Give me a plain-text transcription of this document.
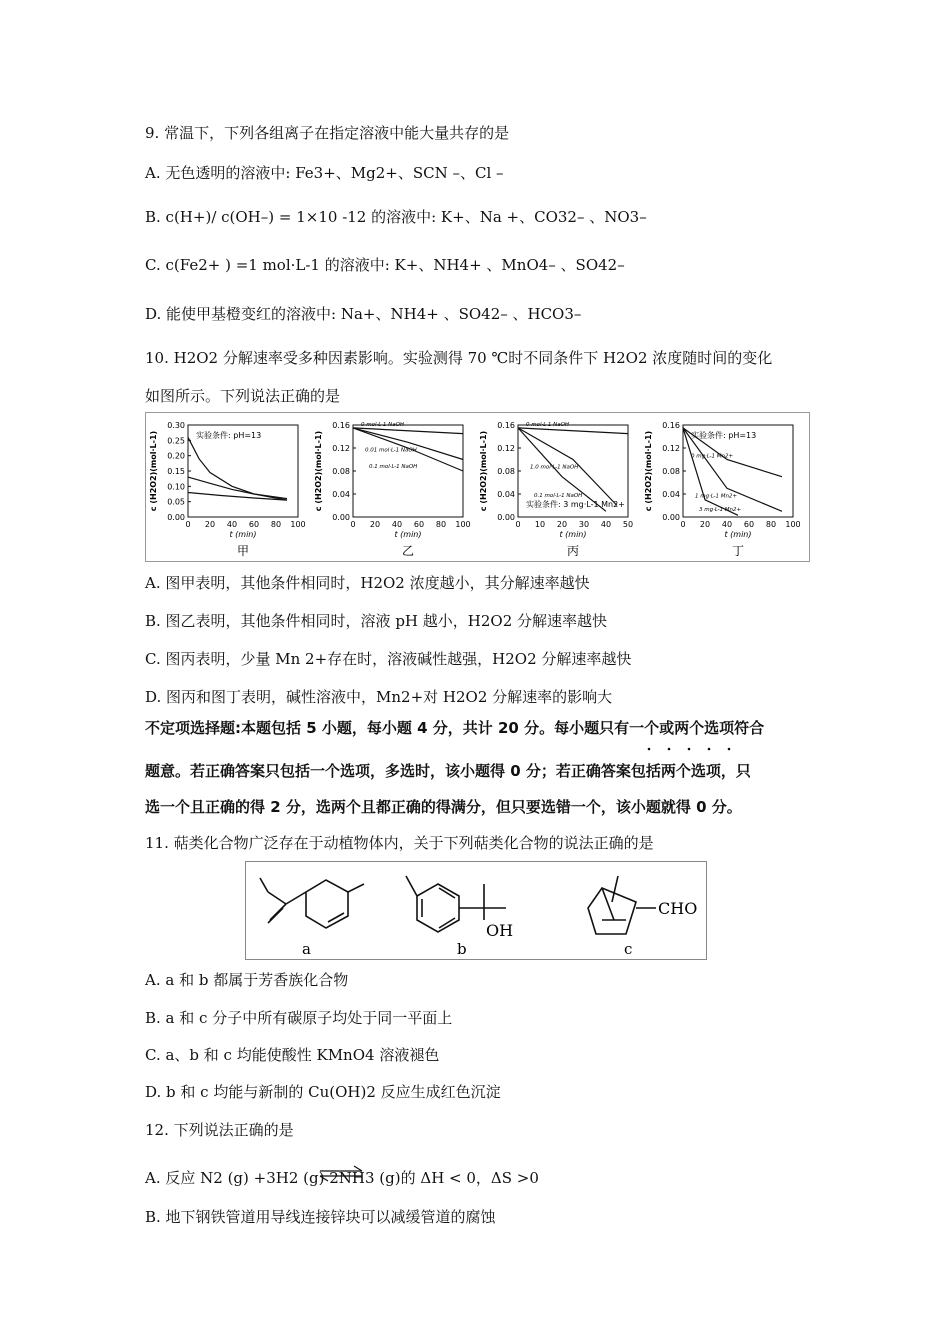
9. 常温下，下列各组离子在指定溶液中能大量共存的是
A. 无色透明的溶液中: Fe3+、Mg2+、SCN –、Cl –
B. c(H+)/ c(OH–) = 1×10 -12 的溶液中: K+、Na +、CO32– 、NO3–
C. c(Fe2+ ) =1 mol·L-1 的溶液中: K+、NH4+ 、MnO4– 、SO42–
D. 能使甲基橙变红的溶液中: Na+、NH4+ 、SO42– 、HCO3–
10. H2O2 分解速率受多种因素影响。实验测得 70 ℃时不同条件下 H2O2 浓度随时间的变化
如图所示。下列说法正确的是
0.00
0.05
0.10
0.15
0.20
0.25
0.30
0 20 40 60 80 100
t (min)
c (H2O2)(mol·L-1)	实验条件: pH=13
甲
0.00
0.04
0.08
0.12
0.16
0 20 40 60 80 100
t (min)
c (H2O2)(mol·L-1)
0 mol·L-1 NaOH
0.01 mol·L-1 NaOH
0.1 mol·L-1 NaOH
乙
0.00
0.04
0.08
0.12
0.16
0 10 20 30 40 50
t (min)
c (H2O2)(mol·L-1)
0 mol·L-1 NaOH
1.0 mol·L-1 NaOH
0.1 mol·L-1 NaOH
实验条件: 3 mg·L-1 Mn2+
丙
0.00
0.04
0.08
0.12
0.16
0 20 40 60 80 100
t (min)
c (H2O2)(mol·L-1)	0 mg·L-1 Mn2+
1 mg·L-1 Mn2+
3 mg·L-1 Mn2+
实验条件: pH=13
丁
A. 图甲表明，其他条件相同时，H2O2 浓度越小，其分解速率越快
B. 图乙表明，其他条件相同时，溶液 pH 越小，H2O2 分解速率越快
C. 图丙表明，少量 Mn 2+存在时，溶液碱性越强，H2O2 分解速率越快
D. 图丙和图丁表明，碱性溶液中，Mn2+对 H2O2 分解速率的影响大
不定项选择题:本题包括 5 小题，每小题 4 分，共计 20 分。每小题只有一个或两个选项符合
题意。若正确答案只包括一个选项，多选时，该小题得 0 分；若正确答案包括两个选项，只
选一个且正确的得 2 分，选两个且都正确的得满分，但只要选错一个，该小题就得 0 分。
11. 萜类化合物广泛存在于动植物体内，关于下列萜类化合物的说法正确的是
OH
CHO
a	b	c
A. a 和 b 都属于芳香族化合物
B. a 和 c 分子中所有碳原子均处于同一平面上
C. a、b 和 c 均能使酸性 KMnO4 溶液褪色
D. b 和 c 均能与新制的 Cu(OH)2 反应生成红色沉淀
12. 下列说法正确的是
A. 反应 N2 (g) +3H2 (g) 2NH3 (g)的 ΔH < 0，ΔS >0
B. 地下钢铁管道用导线连接锌块可以减缓管道的腐蚀
